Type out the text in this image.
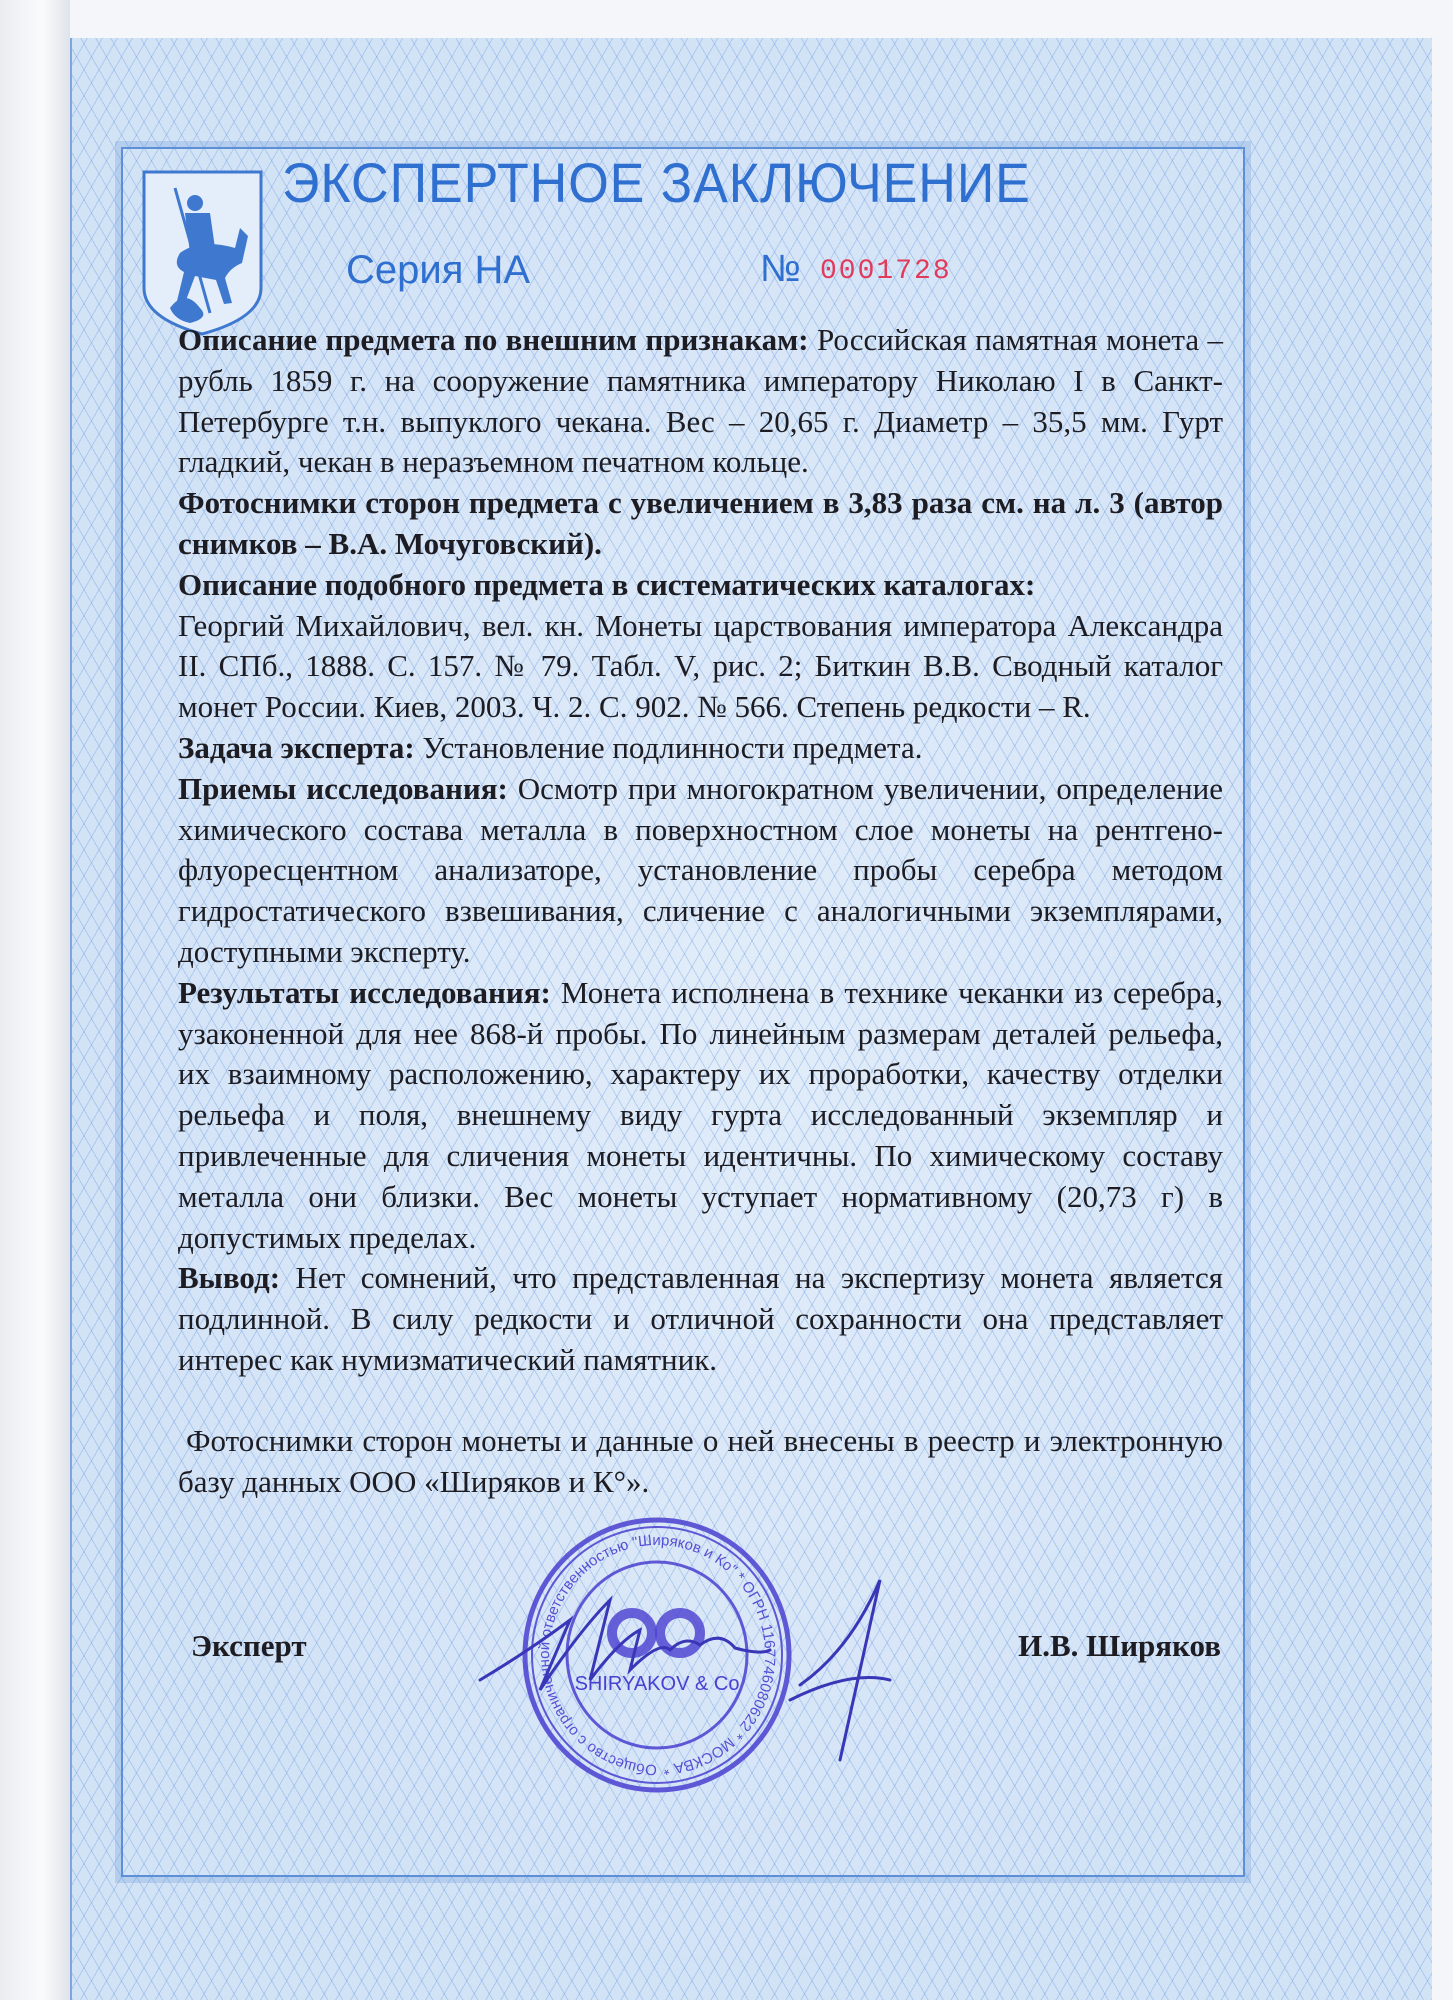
ЭКСПЕРТНОЕ ЗАКЛЮЧЕНИЕ
Серия НА	№ 0001728

Описание предмета по внешним признакам: Российская памятная монета – рубль 1859 г. на сооружение памятника императору Николаю I в Санкт-Петербурге т.н. выпуклого чекана. Вес – 20,65 г. Диаметр – 35,5 мм. Гурт гладкий, чекан в неразъемном печатном кольце.

Фотоснимки сторон предмета с увеличением в 3,83 раза см. на л. 3 (автор снимков – В.А. Мочуговский).

Описание подобного предмета в систематических каталогах:

Георгий Михайлович, вел. кн. Монеты царствования императора Александра II. СПб., 1888. С. 157. № 79. Табл. V, рис. 2; Биткин В.В. Сводный каталог монет России. Киев, 2003. Ч. 2. С. 902. № 566. Степень редкости – R.

Задача эксперта: Установление подлинности предмета.

Приемы исследования: Осмотр при многократном увеличении, определение химического состава металла в поверхностном слое монеты на рентгено-флуоресцентном анализаторе, установление пробы серебра методом гидростатического взвешивания, сличение с аналогичными экземплярами, доступными эксперту.

Результаты исследования: Монета исполнена в технике чеканки из серебра, узаконенной для нее 868-й пробы. По линейным размерам деталей рельефа, их взаимному расположению, характеру их проработки, качеству отделки рельефа и поля, внешнему виду гурта исследованный экземпляр и привлеченные для сличения монеты идентичны. По химическому составу металла они близки. Вес монеты уступает нормативному (20,73 г) в допустимых пределах.

Вывод: Нет сомнений, что представленная на экспертизу монета является подлинной. В силу редкости и отличной сохранности она представляет интерес как нумизматический памятник.

Фотоснимки сторон монеты и данные о ней внесены в реестр и электронную базу данных ООО «Ширяков и К°».

Эксперт	И.В. Ширяков
Общество с ограниченной ответственностью "Ширяков и Ко" * ОГРН 1167746080622 * МОСКВА *
SHIRYAKOV & Co
